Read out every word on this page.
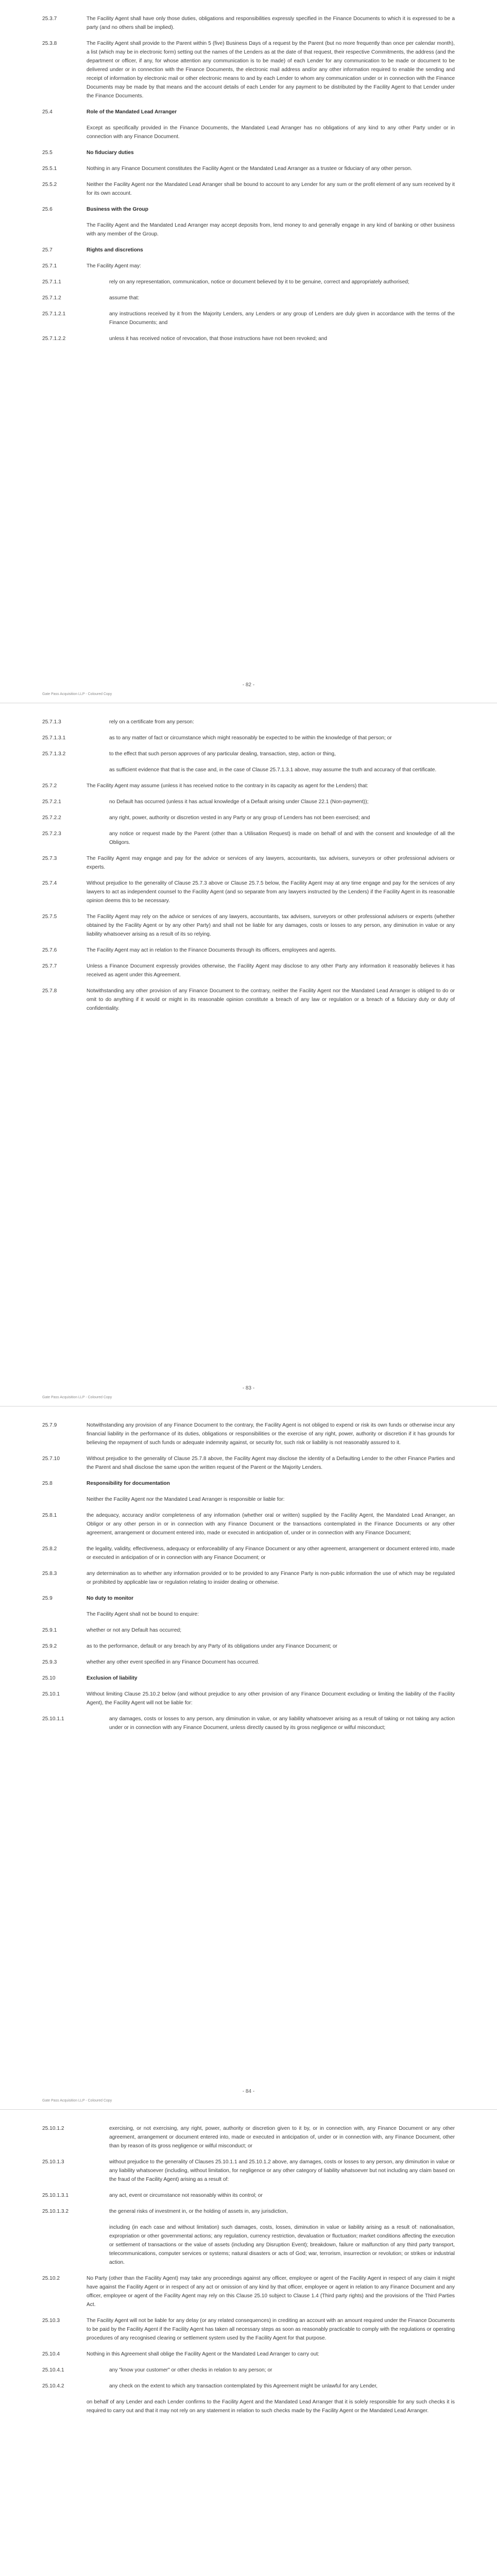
25.3.7	The Facility Agent shall have only those duties, obligations and responsibilities expressly specified in the Finance Documents to which it is expressed to be a party (and no others shall be implied).
25.3.8	The Facility Agent shall provide to the Parent within 5 (five) Business Days of a request by the Parent (but no more frequently than once per calendar month), a list (which may be in electronic form) setting out the names of the Lenders as at the date of that request, their respective Commitments, the address (and the department or officer, if any, for whose attention any communication is to be made) of each Lender for any communication to be made or document to be delivered under or in connection with the Finance Documents, the electronic mail address and/or any other information required to enable the sending and receipt of information by electronic mail or other electronic means to and by each Lender to whom any communication under or in connection with the Finance Documents may be made by that means and the account details of each Lender for any payment to be distributed by the Facility Agent to that Lender under the Finance Documents.
25.4	Role of the Mandated Lead Arranger
Except as specifically provided in the Finance Documents, the Mandated Lead Arranger has no obligations of any kind to any other Party under or in connection with any Finance Document.
25.5	No fiduciary duties
25.5.1	Nothing in any Finance Document constitutes the Facility Agent or the Mandated Lead Arranger as a trustee or fiduciary of any other person.
25.5.2	Neither the Facility Agent nor the Mandated Lead Arranger shall be bound to account to any Lender for any sum or the profit element of any sum received by it for its own account.
25.6	Business with the Group
The Facility Agent and the Mandated Lead Arranger may accept deposits from, lend money to and generally engage in any kind of banking or other business with any member of the Group.
25.7	Rights and discretions
25.7.1	The Facility Agent may:
25.7.1.1	rely on any representation, communication, notice or document believed by it to be genuine, correct and appropriately authorised;
25.7.1.2	assume that:
25.7.1.2.1	any instructions received by it from the Majority Lenders, any Lenders or any group of Lenders are duly given in accordance with the terms of the Finance Documents; and
25.7.1.2.2	unless it has received notice of revocation, that those instructions have not been revoked; and
- 82 -
Gate Pass Acquisition LLP - Coloured Copy
25.7.1.3	rely on a certificate from any person:
25.7.1.3.1	as to any matter of fact or circumstance which might reasonably be expected to be within the knowledge of that person; or
25.7.1.3.2	to the effect that such person approves of any particular dealing, transaction, step, action or thing,
as sufficient evidence that that is the case and, in the case of Clause 25.7.1.3.1 above, may assume the truth and accuracy of that certificate.
25.7.2	The Facility Agent may assume (unless it has received notice to the contrary in its capacity as agent for the Lenders) that:
25.7.2.1	no Default has occurred (unless it has actual knowledge of a Default arising under Clause 22.1 (Non-payment));
25.7.2.2	any right, power, authority or discretion vested in any Party or any group of Lenders has not been exercised; and
25.7.2.3	any notice or request made by the Parent (other than a Utilisation Request) is made on behalf of and with the consent and knowledge of all the Obligors.
25.7.3	The Facility Agent may engage and pay for the advice or services of any lawyers, accountants, tax advisers, surveyors or other professional advisers or experts.
25.7.4	Without prejudice to the generality of Clause 25.7.3 above or Clause 25.7.5 below, the Facility Agent may at any time engage and pay for the services of any lawyers to act as independent counsel to the Facility Agent (and so separate from any lawyers instructed by the Lenders) if the Facility Agent in its reasonable opinion deems this to be necessary.
25.7.5	The Facility Agent may rely on the advice or services of any lawyers, accountants, tax advisers, surveyors or other professional advisers or experts (whether obtained by the Facility Agent or by any other Party) and shall not be liable for any damages, costs or losses to any person, any diminution in value or any liability whatsoever arising as a result of its so relying.
25.7.6	The Facility Agent may act in relation to the Finance Documents through its officers, employees and agents.
25.7.7	Unless a Finance Document expressly provides otherwise, the Facility Agent may disclose to any other Party any information it reasonably believes it has received as agent under this Agreement.
25.7.8	Notwithstanding any other provision of any Finance Document to the contrary, neither the Facility Agent nor the Mandated Lead Arranger is obliged to do or omit to do anything if it would or might in its reasonable opinion constitute a breach of any law or regulation or a breach of a fiduciary duty or duty of confidentiality.
- 83 -
Gate Pass Acquisition LLP - Coloured Copy
25.7.9	Notwithstanding any provision of any Finance Document to the contrary, the Facility Agent is not obliged to expend or risk its own funds or otherwise incur any financial liability in the performance of its duties, obligations or responsibilities or the exercise of any right, power, authority or discretion if it has grounds for believing the repayment of such funds or adequate indemnity against, or security for, such risk or liability is not reasonably assured to it.
25.7.10	Without prejudice to the generality of Clause 25.7.8 above, the Facility Agent may disclose the identity of a Defaulting Lender to the other Finance Parties and the Parent and shall disclose the same upon the written request of the Parent or the Majority Lenders.
25.8	Responsibility for documentation
Neither the Facility Agent nor the Mandated Lead Arranger is responsible or liable for:
25.8.1	the adequacy, accuracy and/or completeness of any information (whether oral or written) supplied by the Facility Agent, the Mandated Lead Arranger, an Obligor or any other person in or in connection with any Finance Document or the transactions contemplated in the Finance Documents or any other agreement, arrangement or document entered into, made or executed in anticipation of, under or in connection with any Finance Document;
25.8.2	the legality, validity, effectiveness, adequacy or enforceability of any Finance Document or any other agreement, arrangement or document entered into, made or executed in anticipation of or in connection with any Finance Document; or
25.8.3	any determination as to whether any information provided or to be provided to any Finance Party is non-public information the use of which may be regulated or prohibited by applicable law or regulation relating to insider dealing or otherwise.
25.9	No duty to monitor
The Facility Agent shall not be bound to enquire:
25.9.1	whether or not any Default has occurred;
25.9.2	as to the performance, default or any breach by any Party of its obligations under any Finance Document; or
25.9.3	whether any other event specified in any Finance Document has occurred.
25.10	Exclusion of liability
25.10.1	Without limiting Clause 25.10.2 below (and without prejudice to any other provision of any Finance Document excluding or limiting the liability of the Facility Agent), the Facility Agent will not be liable for:
25.10.1.1	any damages, costs or losses to any person, any diminution in value, or any liability whatsoever arising as a result of taking or not taking any action under or in connection with any Finance Document, unless directly caused by its gross negligence or wilful misconduct;
- 84 -
Gate Pass Acquisition LLP - Coloured Copy
25.10.1.2	exercising, or not exercising, any right, power, authority or discretion given to it by, or in connection with, any Finance Document or any other agreement, arrangement or document entered into, made or executed in anticipation of, under or in connection with, any Finance Document, other than by reason of its gross negligence or wilful misconduct; or
25.10.1.3	without prejudice to the generality of Clauses 25.10.1.1 and 25.10.1.2 above, any damages, costs or losses to any person, any diminution in value or any liability whatsoever (including, without limitation, for negligence or any other category of liability whatsoever but not including any claim based on the fraud of the Facility Agent) arising as a result of:
25.10.1.3.1	any act, event or circumstance not reasonably within its control; or
25.10.1.3.2	the general risks of investment in, or the holding of assets in, any jurisdiction,
including (in each case and without limitation) such damages, costs, losses, diminution in value or liability arising as a result of: nationalisation, expropriation or other governmental actions; any regulation, currency restriction, devaluation or fluctuation; market conditions affecting the execution or settlement of transactions or the value of assets (including any Disruption Event); breakdown, failure or malfunction of any third party transport, telecommunications, computer services or systems; natural disasters or acts of God; war, terrorism, insurrection or revolution; or strikes or industrial action.
25.10.2	No Party (other than the Facility Agent) may take any proceedings against any officer, employee or agent of the Facility Agent in respect of any claim it might have against the Facility Agent or in respect of any act or omission of any kind by that officer, employee or agent in relation to any Finance Document and any officer, employee or agent of the Facility Agent may rely on this Clause 25.10 subject to Clause 1.4 (Third party rights) and the provisions of the Third Parties Act.
25.10.3	The Facility Agent will not be liable for any delay (or any related consequences) in crediting an account with an amount required under the Finance Documents to be paid by the Facility Agent if the Facility Agent has taken all necessary steps as soon as reasonably practicable to comply with the regulations or operating procedures of any recognised clearing or settlement system used by the Facility Agent for that purpose.
25.10.4	Nothing in this Agreement shall oblige the Facility Agent or the Mandated Lead Arranger to carry out:
25.10.4.1	any "know your customer" or other checks in relation to any person; or
25.10.4.2	any check on the extent to which any transaction contemplated by this Agreement might be unlawful for any Lender,
on behalf of any Lender and each Lender confirms to the Facility Agent and the Mandated Lead Arranger that it is solely responsible for any such checks it is required to carry out and that it may not rely on any statement in relation to such checks made by the Facility Agent or the Mandated Lead Arranger.
